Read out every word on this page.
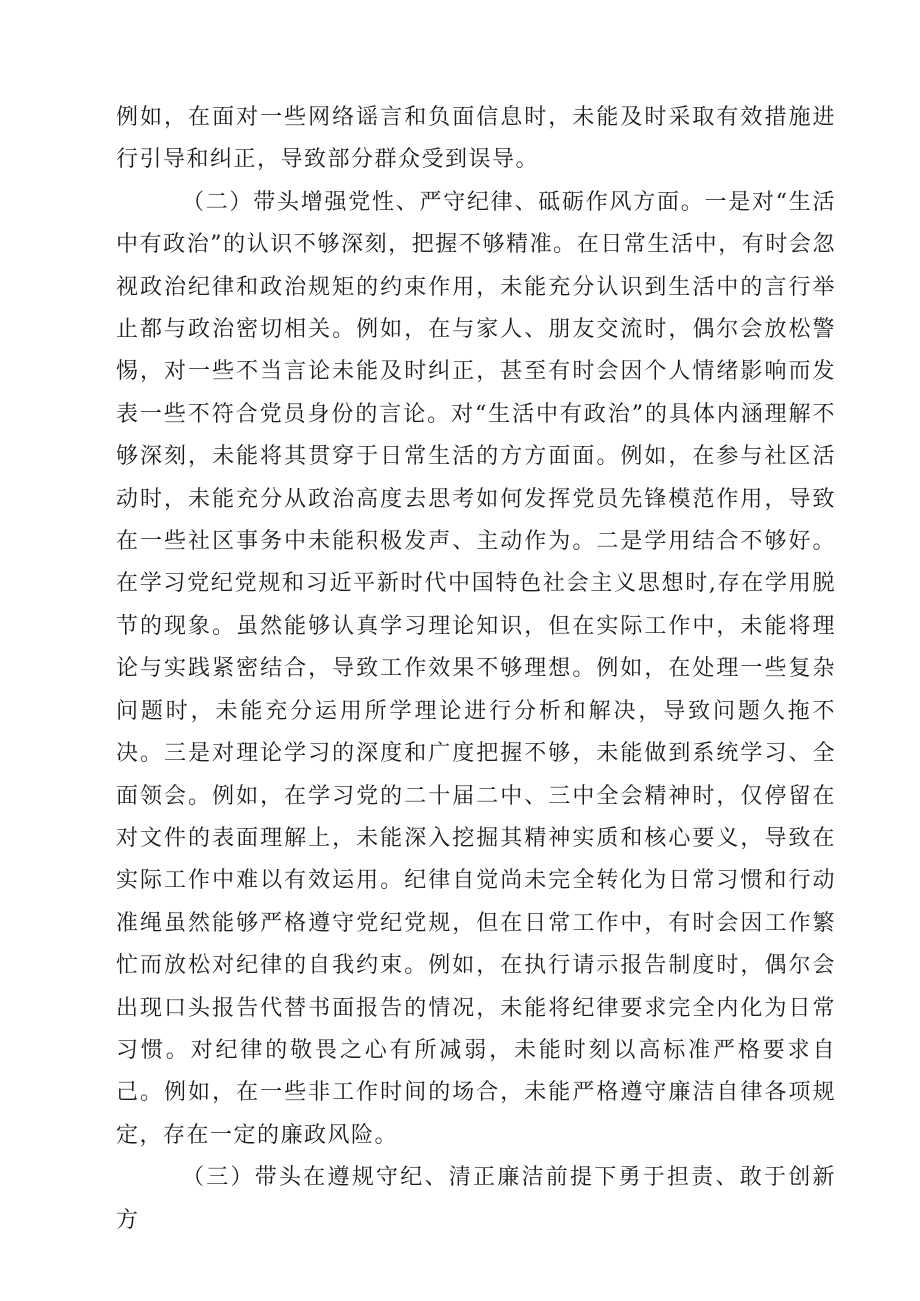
例如，在面对一些网络谣言和负面信息时，未能及时采取有效措施进行引导和纠正，导致部分群众受到误导。

（二）带头增强党性、严守纪律、砥砺作风方面。一是对“生活中有政治”的认识不够深刻，把握不够精准。在日常生活中，有时会忽视政治纪律和政治规矩的约束作用，未能充分认识到生活中的言行举止都与政治密切相关。例如，在与家人、朋友交流时，偶尔会放松警惕，对一些不当言论未能及时纠正，甚至有时会因个人情绪影响而发表一些不符合党员身份的言论。对“生活中有政治”的具体内涵理解不够深刻，未能将其贯穿于日常生活的方方面面。例如，在参与社区活动时，未能充分从政治高度去思考如何发挥党员先锋模范作用，导致在一些社区事务中未能积极发声、主动作为。二是学用结合不够好。在学习党纪党规和习近平新时代中国特色社会主义思想时,存在学用脱节的现象。虽然能够认真学习理论知识，但在实际工作中，未能将理论与实践紧密结合，导致工作效果不够理想。例如，在处理一些复杂问题时，未能充分运用所学理论进行分析和解决，导致问题久拖不决。三是对理论学习的深度和广度把握不够，未能做到系统学习、全面领会。例如，在学习党的二十届二中、三中全会精神时，仅停留在对文件的表面理解上，未能深入挖掘其精神实质和核心要义，导致在实际工作中难以有效运用。纪律自觉尚未完全转化为日常习惯和行动准绳虽然能够严格遵守党纪党规，但在日常工作中，有时会因工作繁忙而放松对纪律的自我约束。例如，在执行请示报告制度时，偶尔会出现口头报告代替书面报告的情况，未能将纪律要求完全内化为日常习惯。对纪律的敬畏之心有所减弱，未能时刻以高标准严格要求自己。例如，在一些非工作时间的场合，未能严格遵守廉洁自律各项规定，存在一定的廉政风险。

（三）带头在遵规守纪、清正廉洁前提下勇于担责、敢于创新方
